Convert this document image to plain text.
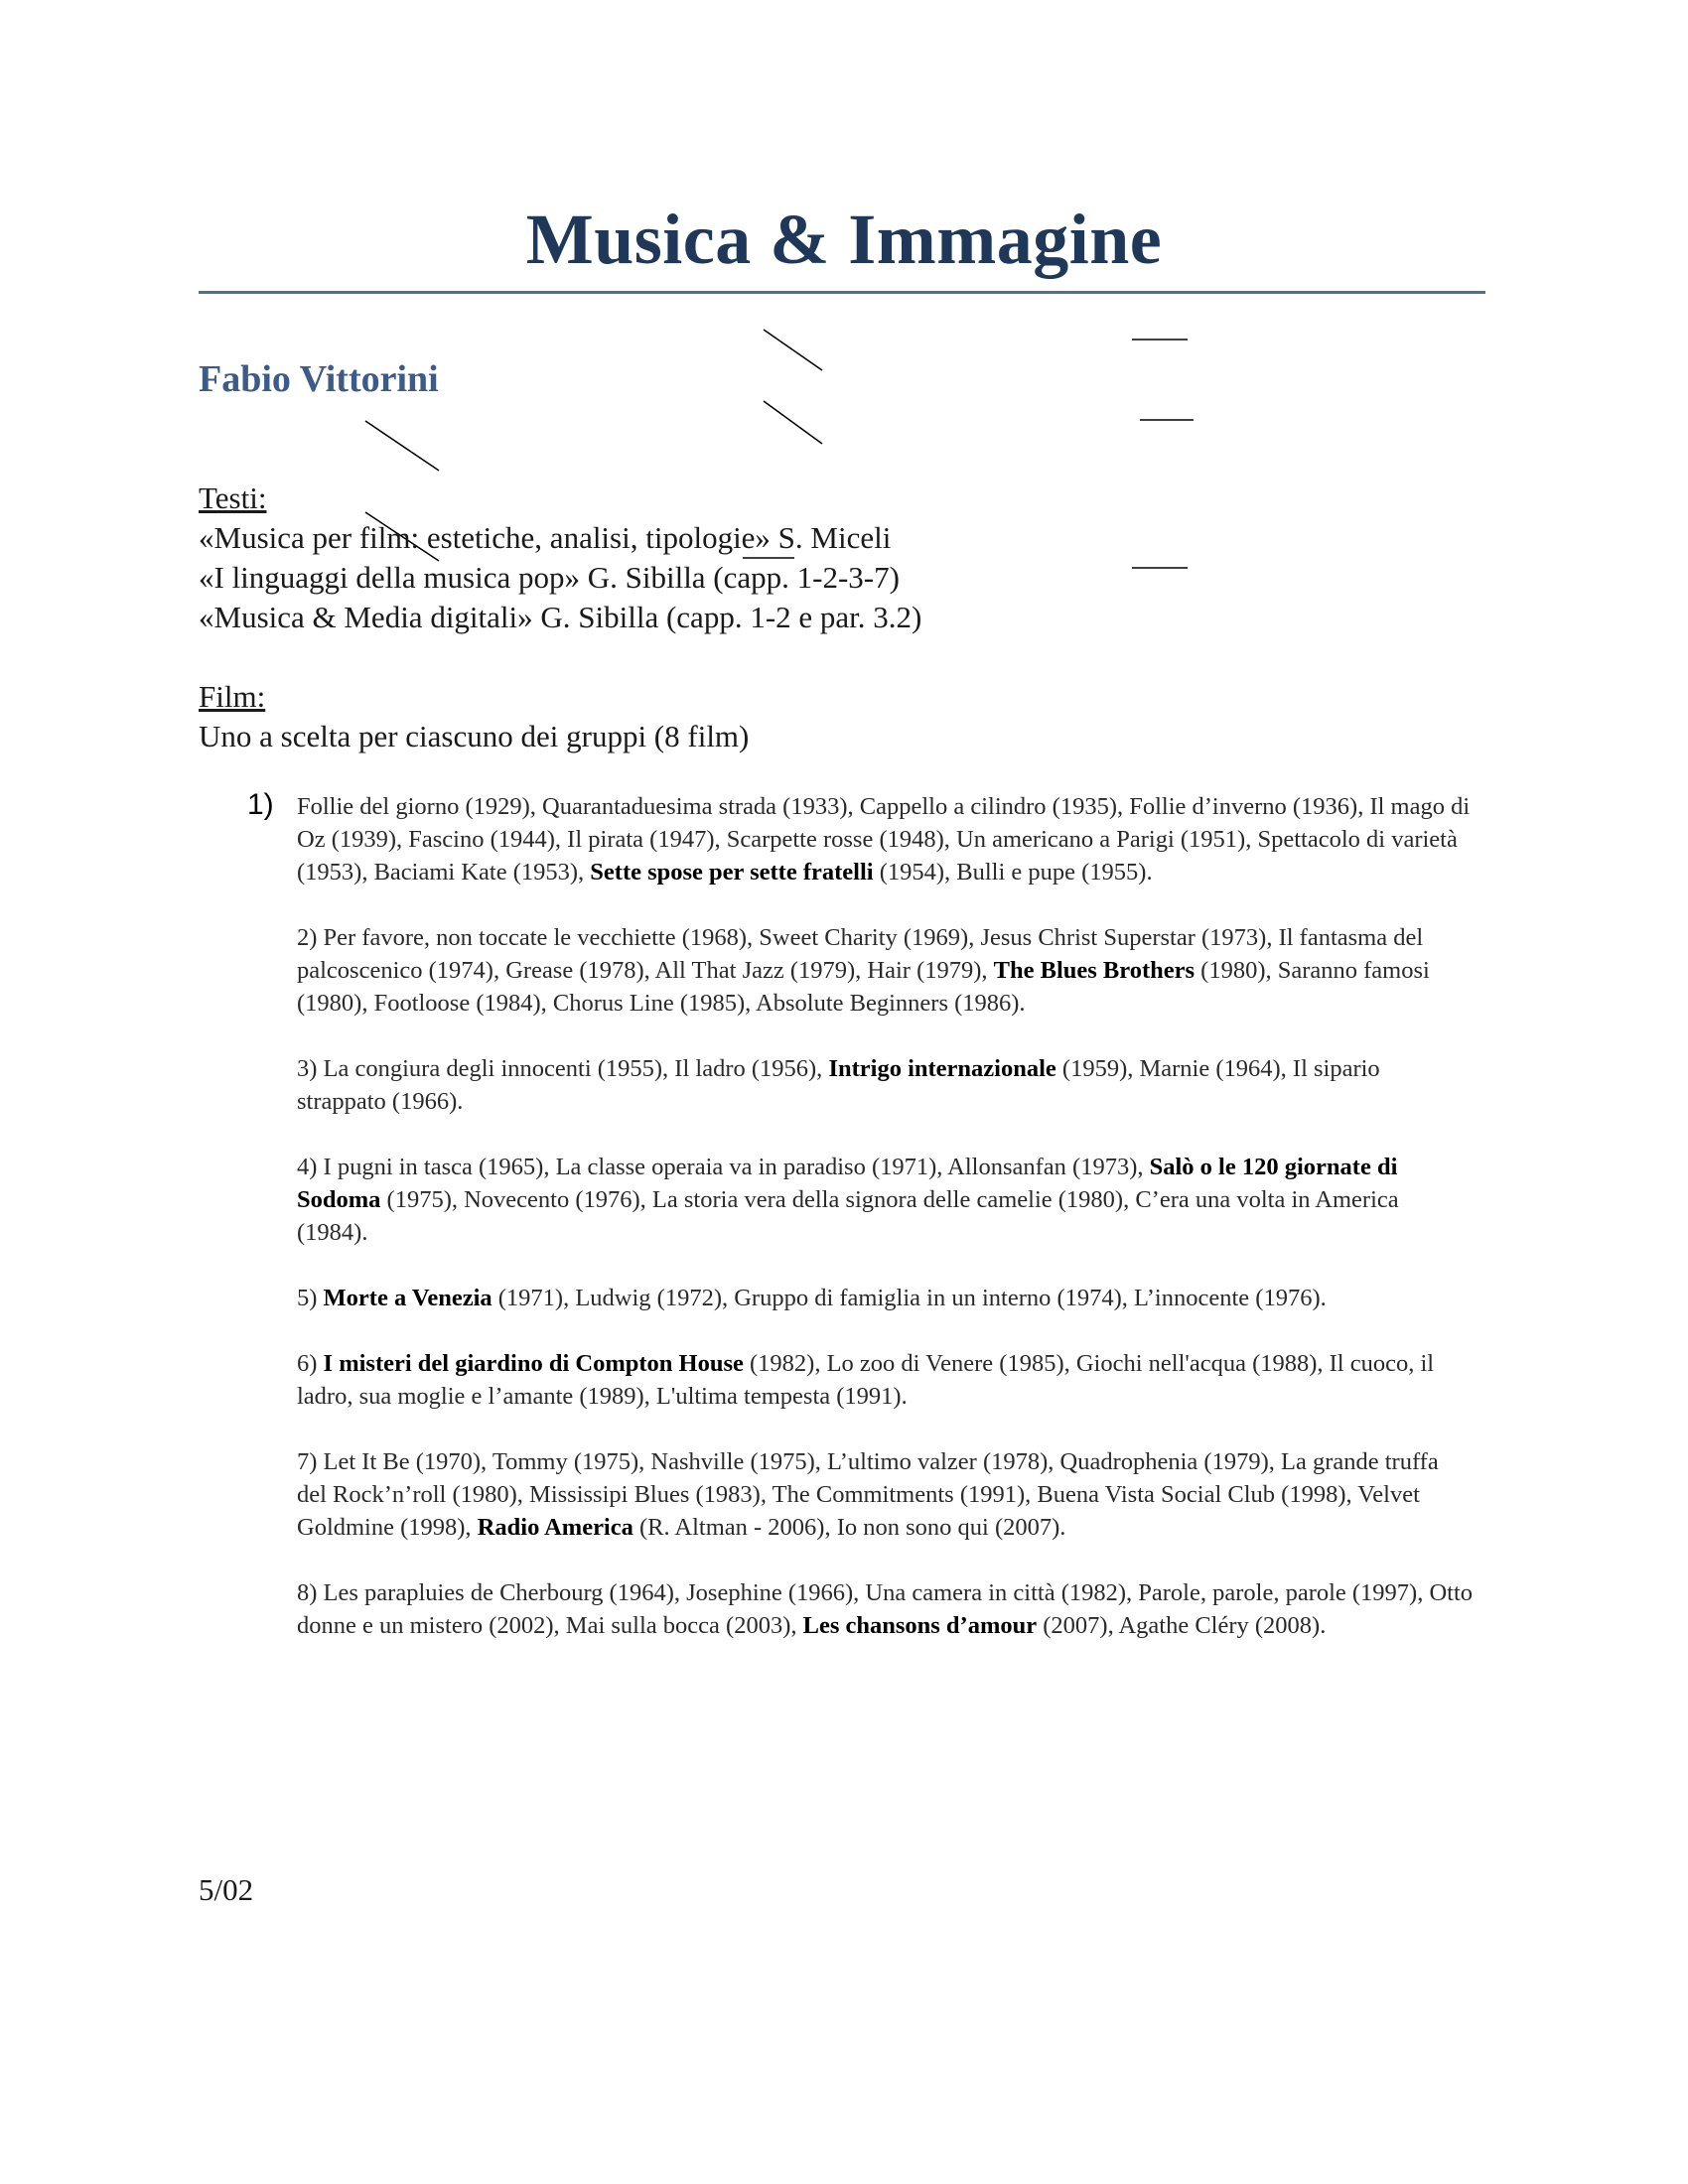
Musica & Immagine
Fabio Vittorini
Testi:
«Musica per film: estetiche, analisi, tipologie» S. Miceli
«I linguaggi della musica pop» G. Sibilla (capp. 1-2-3-7)
«Musica & Media digitali» G. Sibilla (capp. 1-2 e par. 3.2)
Film:
Uno a scelta per ciascuno dei gruppi (8 film)
1) Follie del giorno (1929), Quarantaduesima strada (1933), Cappello a cilindro (1935), Follie d’inverno (1936), Il mago di Oz (1939), Fascino (1944), Il pirata (1947), Scarpette rosse (1948), Un americano a Parigi (1951), Spettacolo di varietà (1953), Baciami Kate (1953), Sette spose per sette fratelli (1954), Bulli e pupe (1955).
2) Per favore, non toccate le vecchiette (1968), Sweet Charity (1969), Jesus Christ Superstar (1973), Il fantasma del palcoscenico (1974), Grease (1978), All That Jazz (1979), Hair (1979), The Blues Brothers (1980), Saranno famosi (1980), Footloose (1984), Chorus Line (1985), Absolute Beginners (1986).
3) La congiura degli innocenti (1955), Il ladro (1956), Intrigo internazionale (1959), Marnie (1964), Il sipario strappato (1966).
4) I pugni in tasca (1965), La classe operaia va in paradiso (1971), Allonsanfan (1973), Salò o le 120 giornate di Sodoma (1975), Novecento (1976), La storia vera della signora delle camelie (1980), C’era una volta in America (1984).
5) Morte a Venezia (1971), Ludwig (1972), Gruppo di famiglia in un interno (1974), L’innocente (1976).
6) I misteri del giardino di Compton House (1982), Lo zoo di Venere (1985), Giochi nell'acqua (1988), Il cuoco, il ladro, sua moglie e l’amante (1989), L'ultima tempesta (1991).
7) Let It Be (1970), Tommy (1975), Nashville (1975), L’ultimo valzer (1978), Quadrophenia (1979), La grande truffa del Rock’n’roll (1980), Mississipi Blues (1983), The Commitments (1991), Buena Vista Social Club (1998), Velvet Goldmine (1998), Radio America (R. Altman - 2006), Io non sono qui (2007).
8) Les parapluies de Cherbourg (1964), Josephine (1966), Una camera in città (1982), Parole, parole, parole (1997), Otto donne e un mistero (2002), Mai sulla bocca (2003), Les chansons d’amour (2007), Agathe Cléry (2008).
5/02
